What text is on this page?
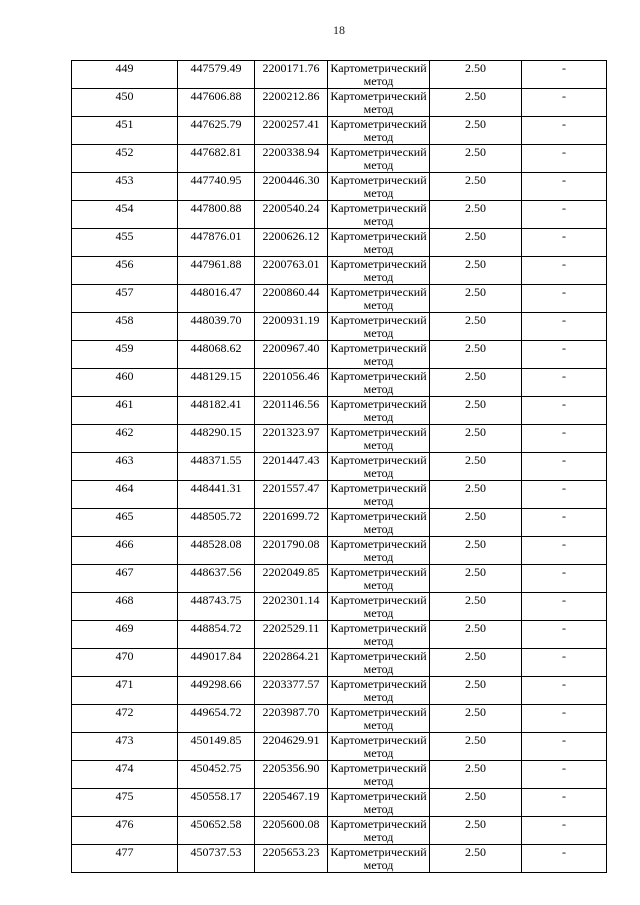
18
449	447579.49	2200171.76	Картометрический метод	2.50	-
450	447606.88	2200212.86	Картометрический метод	2.50	-
451	447625.79	2200257.41	Картометрический метод	2.50	-
452	447682.81	2200338.94	Картометрический метод	2.50	-
453	447740.95	2200446.30	Картометрический метод	2.50	-
454	447800.88	2200540.24	Картометрический метод	2.50	-
455	447876.01	2200626.12	Картометрический метод	2.50	-
456	447961.88	2200763.01	Картометрический метод	2.50	-
457	448016.47	2200860.44	Картометрический метод	2.50	-
458	448039.70	2200931.19	Картометрический метод	2.50	-
459	448068.62	2200967.40	Картометрический метод	2.50	-
460	448129.15	2201056.46	Картометрический метод	2.50	-
461	448182.41	2201146.56	Картометрический метод	2.50	-
462	448290.15	2201323.97	Картометрический метод	2.50	-
463	448371.55	2201447.43	Картометрический метод	2.50	-
464	448441.31	2201557.47	Картометрический метод	2.50	-
465	448505.72	2201699.72	Картометрический метод	2.50	-
466	448528.08	2201790.08	Картометрический метод	2.50	-
467	448637.56	2202049.85	Картометрический метод	2.50	-
468	448743.75	2202301.14	Картометрический метод	2.50	-
469	448854.72	2202529.11	Картометрический метод	2.50	-
470	449017.84	2202864.21	Картометрический метод	2.50	-
471	449298.66	2203377.57	Картометрический метод	2.50	-
472	449654.72	2203987.70	Картометрический метод	2.50	-
473	450149.85	2204629.91	Картометрический метод	2.50	-
474	450452.75	2205356.90	Картометрический метод	2.50	-
475	450558.17	2205467.19	Картометрический метод	2.50	-
476	450652.58	2205600.08	Картометрический метод	2.50	-
477	450737.53	2205653.23	Картометрический метод	2.50	-
